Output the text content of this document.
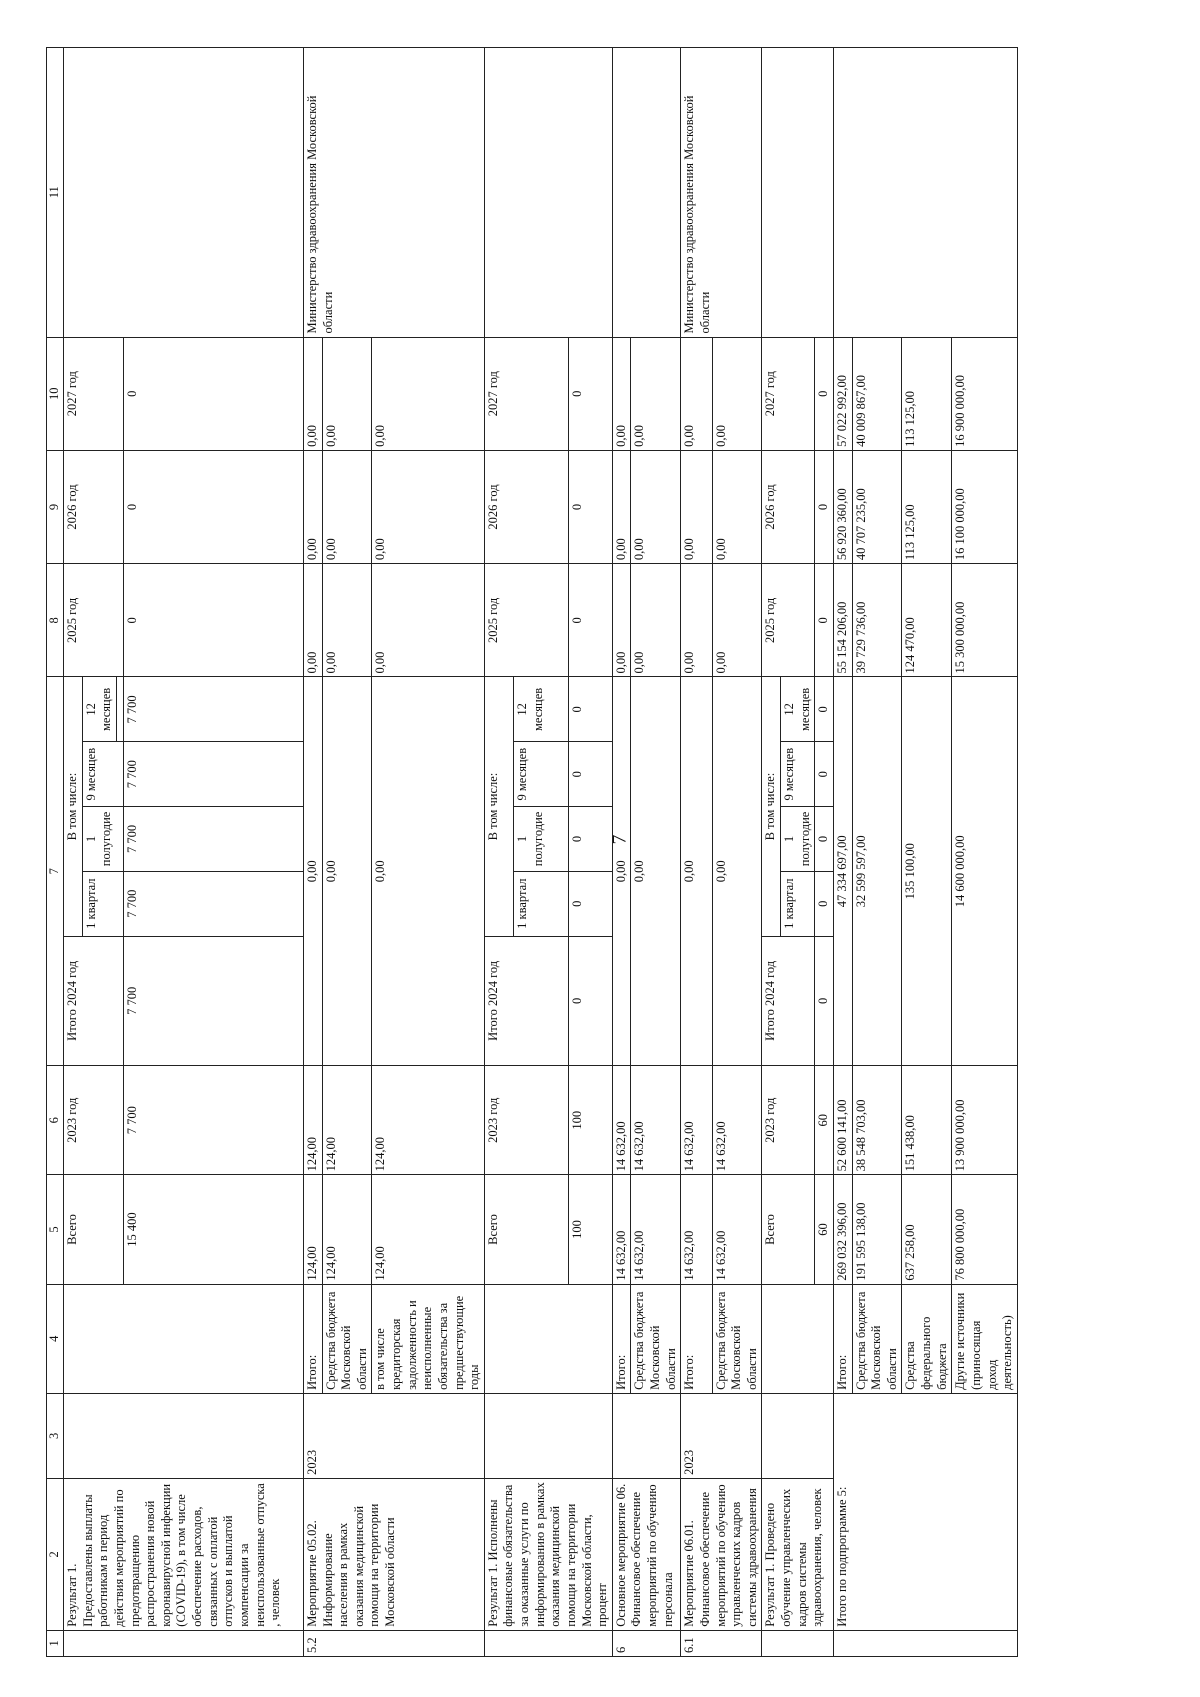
7
1	2	3	4	5	6	7					8	9	10	11
	Результат 1. Предоставлены выплаты работникам в период действия мероприятий по предотвращению распространения новой коронавирусной инфекции (COVID-19), в том числе обеспечение расходов, связанных с оплатой отпусков и выплатой компенсации за неиспользованные отпуска , человек			Всего	2023 год	Итого 2024 год	В том числе:				2025 год	2026 год	2027 год	
							1 квартал	1 полугодие	9 месяцев	12 месяцев				

				15 400	7 700	7 700	7 700	7 700	7 700	7 700	0	0	0	
5.2	Мероприятие 05.02. Информирование населения в рамках оказания медицинской помощи на территории Московской области	2023	Итого:	124,00	124,00	0,00					0,00	0,00	0,00	Министерство здравоохранения Московской области
			Средства бюджета Московской области	124,00	124,00	0,00					0,00	0,00	0,00	
			в том числе кредиторская задолженность и неисполненные обязательства за предшествующие годы	124,00	124,00	0,00					0,00	0,00	0,00	
	Результат 1. Исполнены финансовые обязательства за оказанные услуги по информированию в рамках оказания медицинской помощи на территории Московской области, процент			Всего	2023 год	Итого 2024 год	В том числе:				2025 год	2026 год	2027 год	
							1 квартал	1 полугодие	9 месяцев	12 месяцев				
				100	100	0	0	0	0	0	0	0	0	
6	Основное мероприятие 06. Финансовое обеспечение мероприятий по обучению персонала		Итого:	14 632,00	14 632,00	0,00					0,00	0,00	0,00	
			Средства бюджета Московской области	14 632,00	14 632,00	0,00					0,00	0,00	0,00	
6.1	Мероприятие 06.01. Финансовое обеспечение мероприятий по обучению управленческих кадров системы здравоохранения	2023	Итого:	14 632,00	14 632,00	0,00					0,00	0,00	0,00	Министерство здравоохранения Московской области
			Средства бюджета Московской области	14 632,00	14 632,00	0,00					0,00	0,00	0,00	
	Результат 1. Проведено обучение управленческих кадров системы здравоохранения, человек			Всего	2023 год	Итого 2024 год	В том числе:				2025 год	2026 год	2027 год	
							1 квартал	1 полугодие	9 месяцев	12 месяцев				
				60	60	0	0	0	0	0	0	0	0	
	Итого по подпрограмме 5:		Итого:	269 032 396,00	52 600 141,00	47 334 697,00					55 154 206,00	56 920 360,00	57 022 992,00	
			Средства бюджета Московской области	191 595 138,00	38 548 703,00	32 599 597,00					39 729 736,00	40 707 235,00	40 009 867,00	
			Средства федерального бюджета	637 258,00	151 438,00	135 100,00					124 470,00	113 125,00	113 125,00	
			Другие источники (приносящая доход деятельность)	76 800 000,00	13 900 000,00	14 600 000,00					15 300 000,00	16 100 000,00	16 900 000,00	
